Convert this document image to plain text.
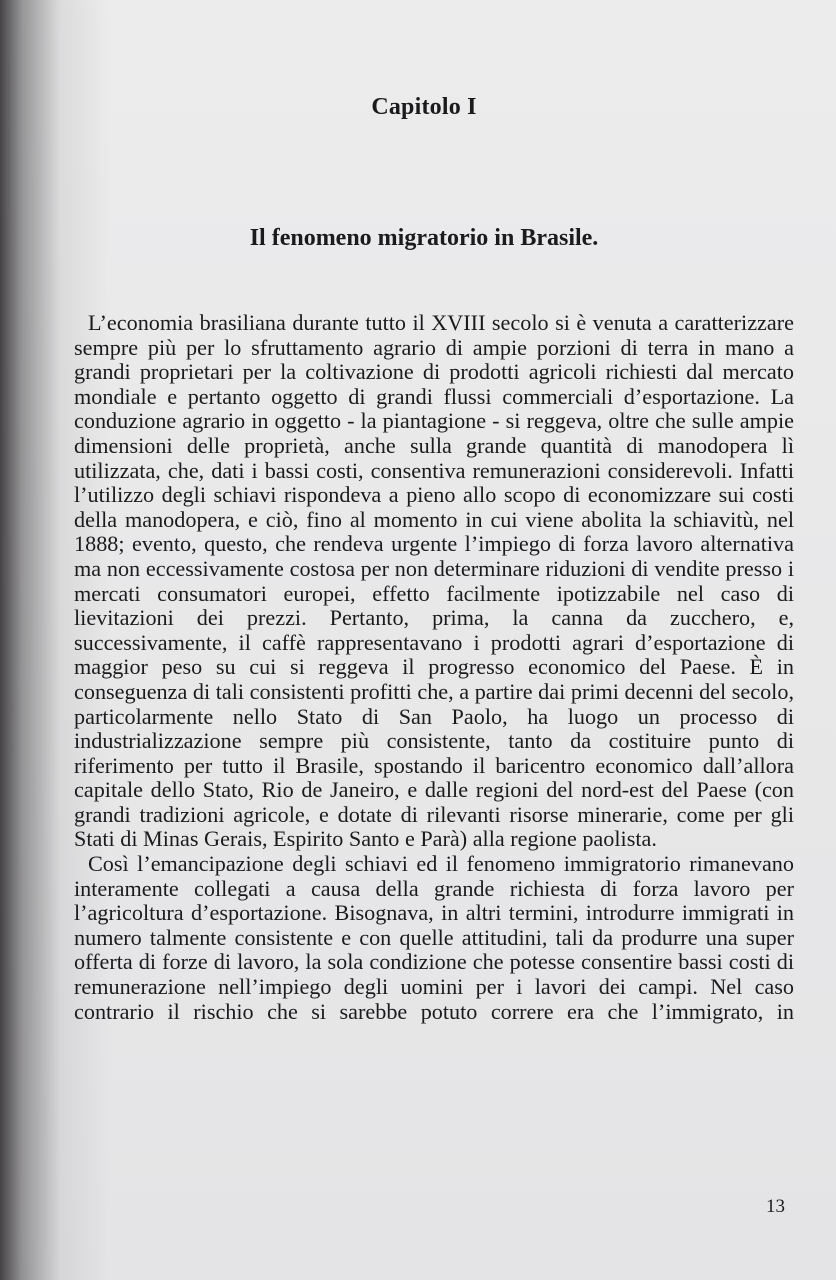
Capitolo I
Il fenomeno migratorio in Brasile.

L’economia brasiliana durante tutto il XVIII secolo si è venuta a caratterizzare sempre più per lo sfruttamento agrario di ampie porzioni di terra in mano a grandi proprietari per la coltivazione di prodotti agricoli richiesti dal mercato mondiale e pertanto oggetto di grandi flussi commerciali d’esportazione. La conduzione agrario in oggetto - la piantagione - si reggeva, oltre che sulle ampie dimensioni delle proprietà, anche sulla grande quantità di manodopera lì utilizzata, che, dati i bassi costi, consentiva remunerazioni considerevoli. Infatti l’utilizzo degli schiavi rispondeva a pieno allo scopo di economizzare sui costi della manodopera, e ciò, fino al momento in cui viene abolita la schiavitù, nel 1888; evento, questo, che rendeva urgente l’impiego di forza lavoro alternativa ma non eccessivamente costosa per non determinare riduzioni di vendite presso i mercati consumatori europei, effetto facilmente ipotizzabile nel caso di lievitazioni dei prezzi. Pertanto, prima, la canna da zucchero, e, successivamente, il caffè rappresentavano i prodotti agrari d’esportazione di maggior peso su cui si reggeva il progresso economico del Paese. È in conseguenza di tali consistenti profitti che, a partire dai primi decenni del secolo, particolarmente nello Stato di San Paolo, ha luogo un processo di industrializzazione sempre più consistente, tanto da costituire punto di riferimento per tutto il Brasile, spostando il baricentro economico dall’allora capitale dello Stato, Rio de Janeiro, e dalle regioni del nord-est del Paese (con grandi tradizioni agricole, e dotate di rilevanti risorse minerarie, come per gli Stati di Minas Gerais, Espirito Santo e Parà) alla regione paolista.

Così l’emancipazione degli schiavi ed il fenomeno immigratorio rimanevano interamente collegati a causa della grande richiesta di forza lavoro per l’agricoltura d’esportazione. Bisognava, in altri termini, introdurre immigrati in numero talmente consistente e con quelle attitudini, tali da produrre una super offerta di forze di lavoro, la sola condizione che potesse consentire bassi costi di remunerazione nell’impiego degli uomini per i lavori dei campi. Nel caso contrario il rischio che si sarebbe potuto correre era che l’immigrato, in

13
